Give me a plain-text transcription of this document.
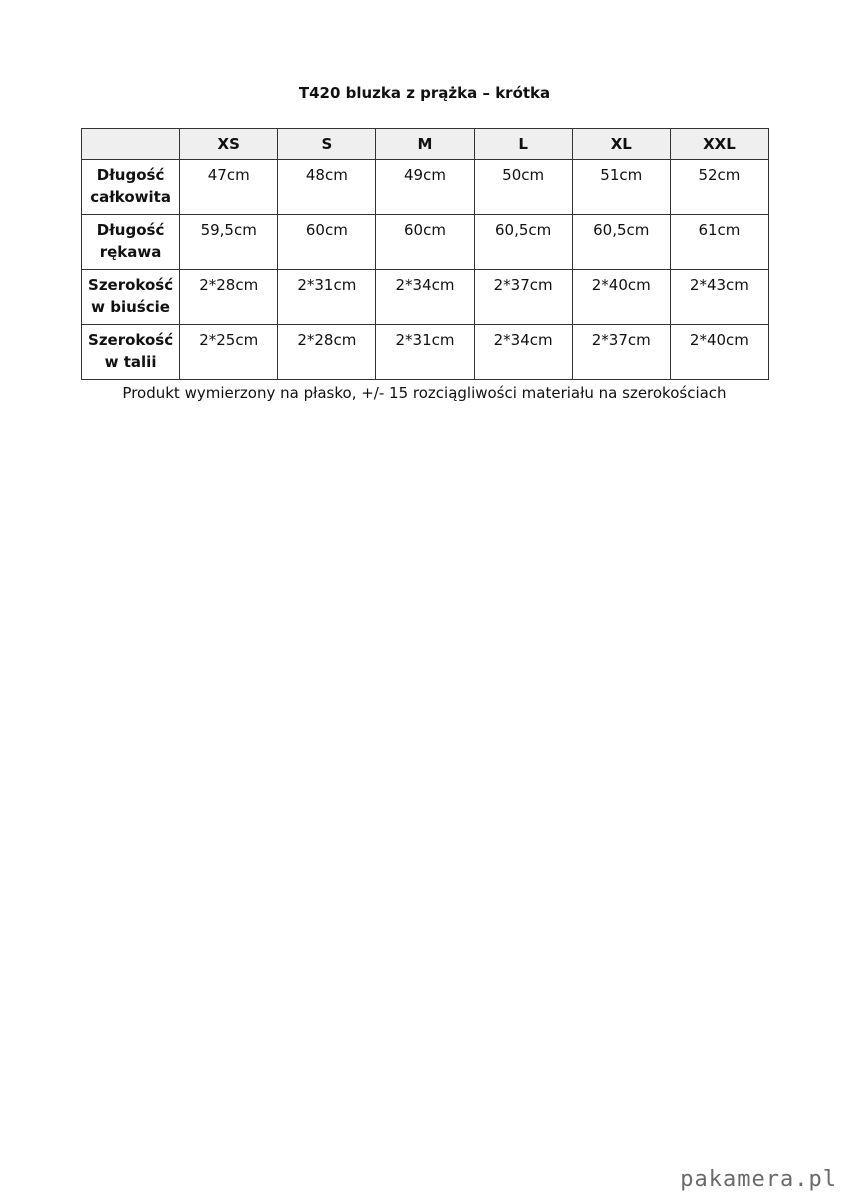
T420 bluzka z prążka – krótka
	XS	S	M	L	XL	XXL

Długość
całkowita	47cm	48cm	49cm	50cm	51cm	52cm

Długość
rękawa	59,5cm	60cm	60cm	60,5cm	60,5cm	61cm

Szerokość
w biuście	2*28cm	2*31cm	2*34cm	2*37cm	2*40cm	2*43cm

Szerokość
w talii	2*25cm	2*28cm	2*31cm	2*34cm	2*37cm	2*40cm
Produkt wymierzony na płasko, +/- 15 rozciągliwości materiału na szerokościach
pakamera.pl
